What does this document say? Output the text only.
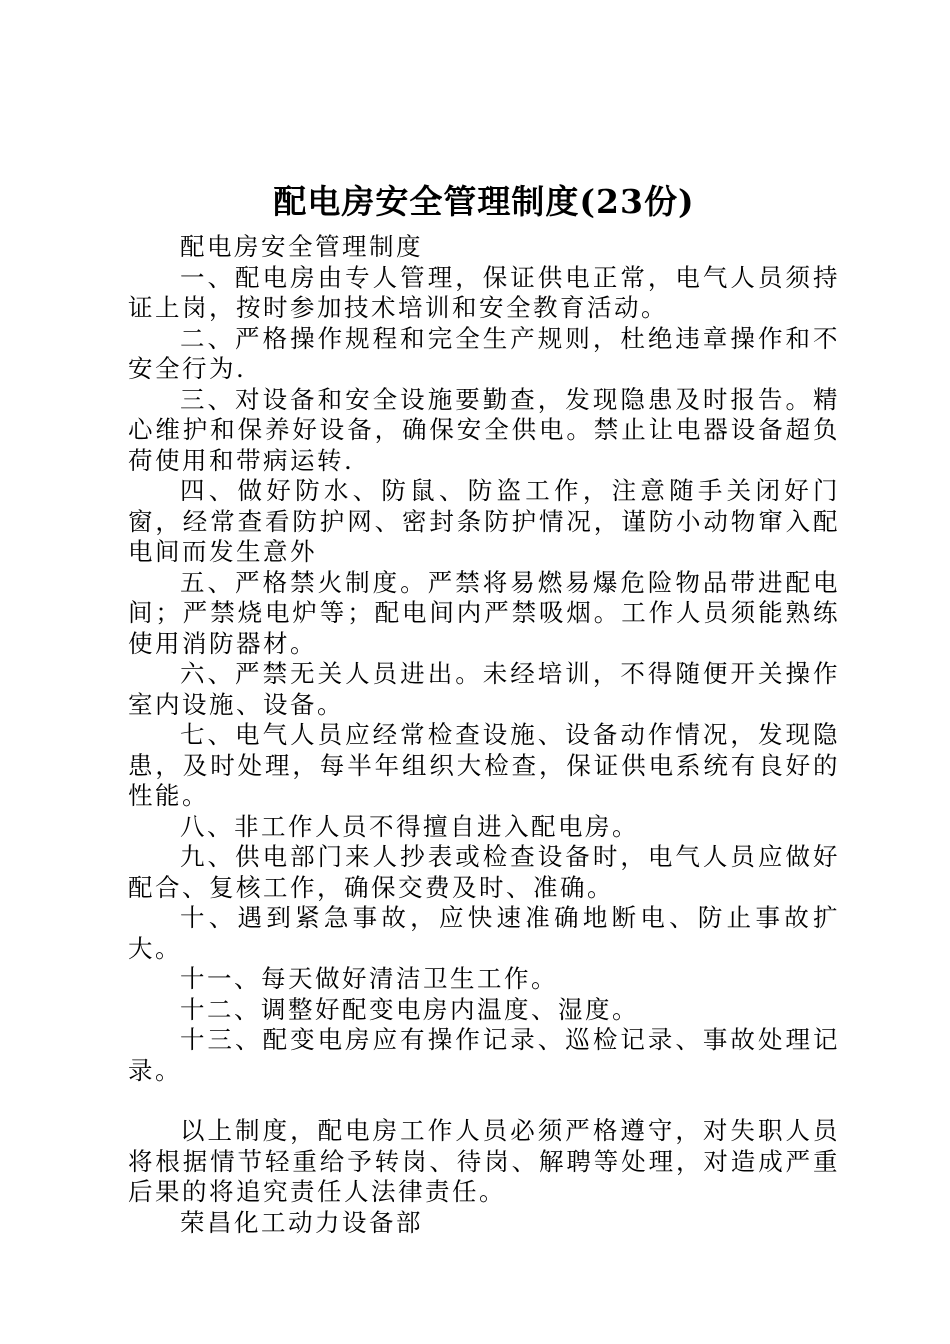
配电房安全管理制度(23份)

配电房安全管理制度

一、配电房由专人管理，保证供电正常，电气人员须持证上岗，按时参加技术培训和安全教育活动。

二、严格操作规程和完全生产规则，杜绝违章操作和不安全行为.

三、对设备和安全设施要勤查，发现隐患及时报告。精心维护和保养好设备，确保安全供电。禁止让电器设备超负荷使用和带病运转.

四、做好防水、防鼠、防盗工作，注意随手关闭好门窗，经常查看防护网、密封条防护情况，谨防小动物窜入配电间而发生意外

五、严格禁火制度。严禁将易燃易爆危险物品带进配电间；严禁烧电炉等；配电间内严禁吸烟。工作人员须能熟练使用消防器材。

六、严禁无关人员进出。未经培训，不得随便开关操作室内设施、设备。

七、电气人员应经常检查设施、设备动作情况，发现隐患，及时处理，每半年组织大检查，保证供电系统有良好的性能。

八、非工作人员不得擅自进入配电房。

九、供电部门来人抄表或检查设备时，电气人员应做好配合、复核工作，确保交费及时、准确。

十、遇到紧急事故，应快速准确地断电、防止事故扩大。

十一、每天做好清洁卫生工作。

十二、调整好配变电房内温度、湿度。

十三、配变电房应有操作记录、巡检记录、事故处理记录。

以上制度，配电房工作人员必须严格遵守，对失职人员将根据情节轻重给予转岗、待岗、解聘等处理，对造成严重后果的将追究责任人法律责任。

荣昌化工动力设备部
